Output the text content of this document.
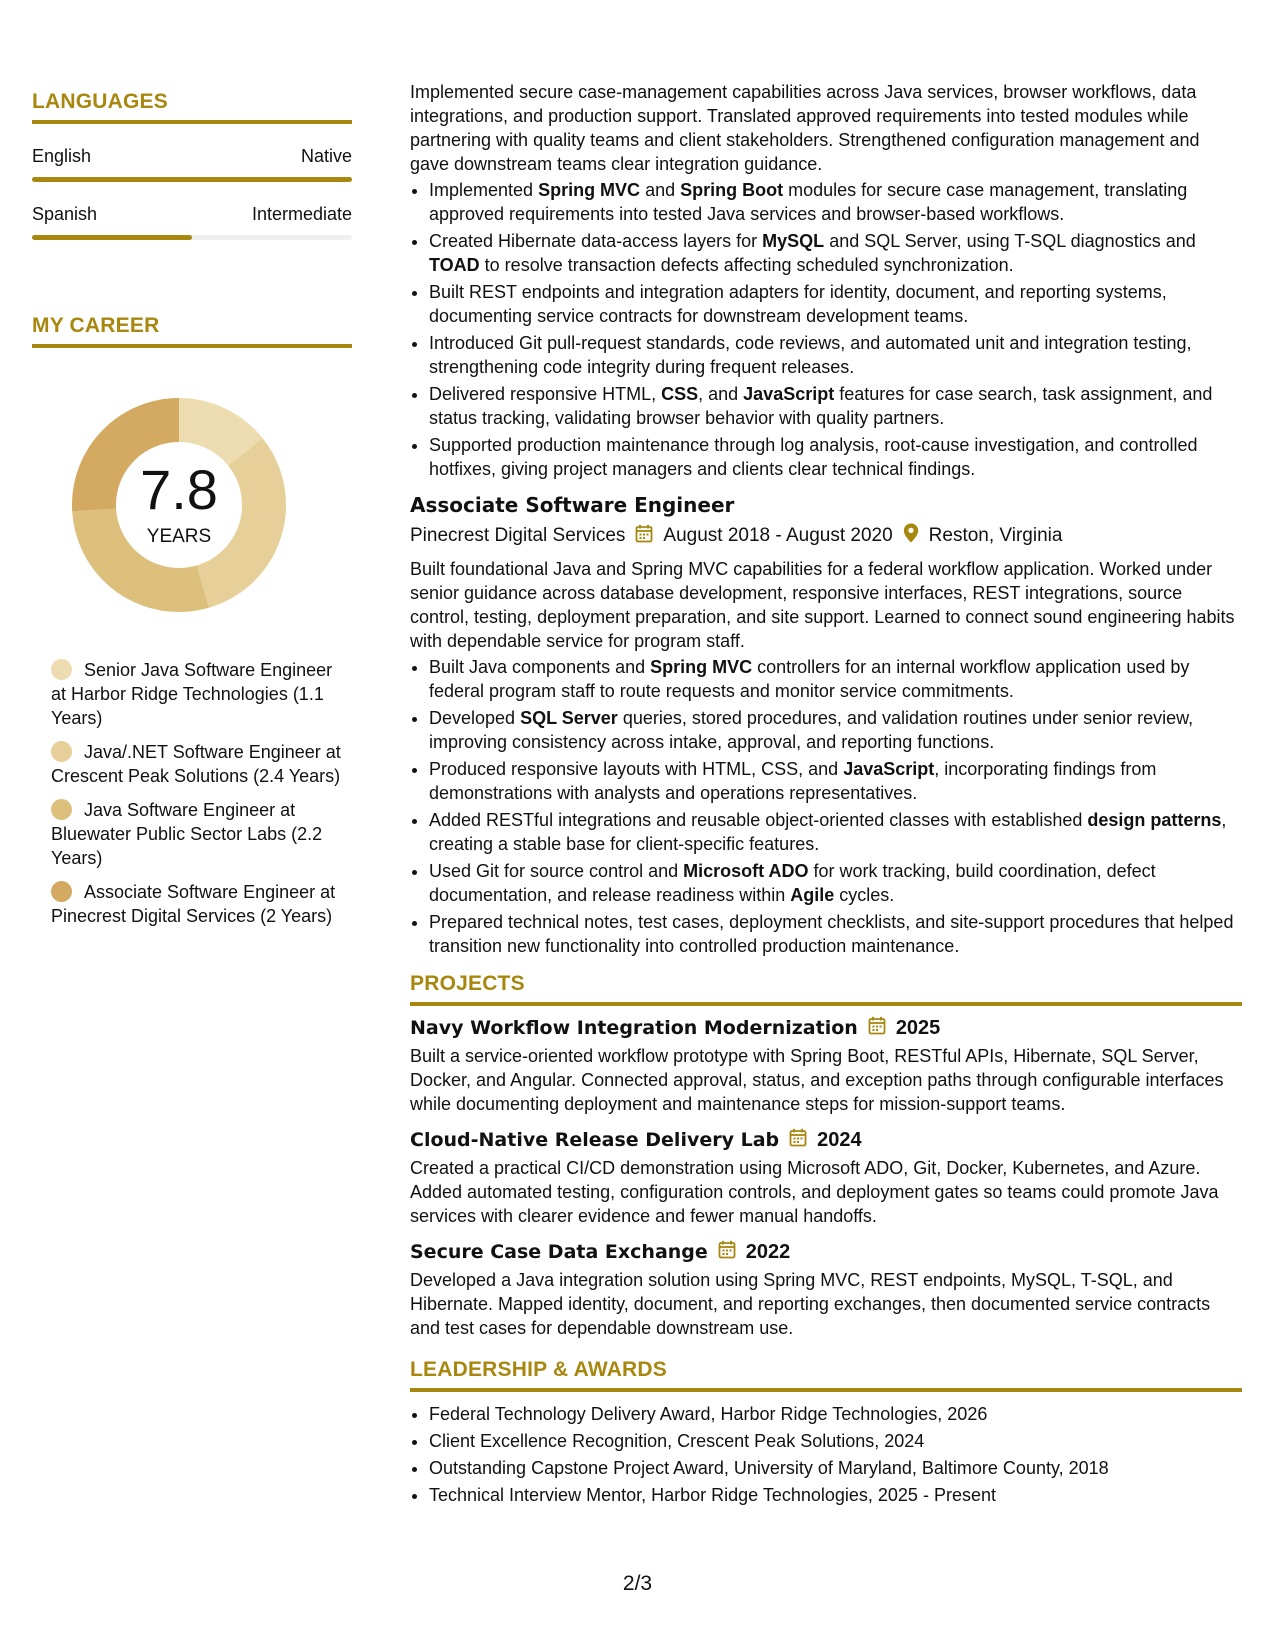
LANGUAGES
English	Native
Spanish	Intermediate
MY CAREER
7.8
YEARS
Senior Java Software Engineer at Harbor Ridge Technologies (1.1 Years)
Java/.NET Software Engineer at Crescent Peak Solutions (2.4 Years)
Java Software Engineer at Bluewater Public Sector Labs (2.2 Years)
Associate Software Engineer at Pinecrest Digital Services (2 Years)

Implemented secure case-management capabilities across Java services, browser workflows, data integrations, and production support. Translated approved requirements into tested modules while partnering with quality teams and client stakeholders. Strengthened configuration management and gave downstream teams clear integration guidance.

• Implemented Spring MVC and Spring Boot modules for secure case management, translating approved requirements into tested Java services and browser-based workflows.
• Created Hibernate data-access layers for MySQL and SQL Server, using T-SQL diagnostics and TOAD to resolve transaction defects affecting scheduled synchronization.
• Built REST endpoints and integration adapters for identity, document, and reporting systems, documenting service contracts for downstream development teams.
• Introduced Git pull-request standards, code reviews, and automated unit and integration testing, strengthening code integrity during frequent releases.
• Delivered responsive HTML, CSS, and JavaScript features for case search, task assignment, and status tracking, validating browser behavior with quality partners.
• Supported production maintenance through log analysis, root-cause investigation, and controlled hotfixes, giving project managers and clients clear technical findings.
Associate Software Engineer
Pinecrest Digital Services August 2018 - August 2020 Reston, Virginia

Built foundational Java and Spring MVC capabilities for a federal workflow application. Worked under senior guidance across database development, responsive interfaces, REST integrations, source control, testing, deployment preparation, and site support. Learned to connect sound engineering habits with dependable service for program staff.

• Built Java components and Spring MVC controllers for an internal workflow application used by federal program staff to route requests and monitor service commitments.
• Developed SQL Server queries, stored procedures, and validation routines under senior review, improving consistency across intake, approval, and reporting functions.
• Produced responsive layouts with HTML, CSS, and JavaScript, incorporating findings from demonstrations with analysts and operations representatives.
• Added RESTful integrations and reusable object-oriented classes with established design patterns, creating a stable base for client-specific features.
• Used Git for source control and Microsoft ADO for work tracking, build coordination, defect documentation, and release readiness within Agile cycles.
• Prepared technical notes, test cases, deployment checklists, and site-support procedures that helped transition new functionality into controlled production maintenance.
PROJECTS
Navy Workflow Integration Modernization 2025

Built a service-oriented workflow prototype with Spring Boot, RESTful APIs, Hibernate, SQL Server, Docker, and Angular. Connected approval, status, and exception paths through configurable interfaces while documenting deployment and maintenance steps for mission-support teams.

Cloud-Native Release Delivery Lab 2024

Created a practical CI/CD demonstration using Microsoft ADO, Git, Docker, Kubernetes, and Azure. Added automated testing, configuration controls, and deployment gates so teams could promote Java services with clearer evidence and fewer manual handoffs.

Secure Case Data Exchange 2022

Developed a Java integration solution using Spring MVC, REST endpoints, MySQL, T-SQL, and Hibernate. Mapped identity, document, and reporting exchanges, then documented service contracts and test cases for dependable downstream use.

LEADERSHIP & AWARDS
• Federal Technology Delivery Award, Harbor Ridge Technologies, 2026
• Client Excellence Recognition, Crescent Peak Solutions, 2024
• Outstanding Capstone Project Award, University of Maryland, Baltimore County, 2018
• Technical Interview Mentor, Harbor Ridge Technologies, 2025 - Present
2/3
